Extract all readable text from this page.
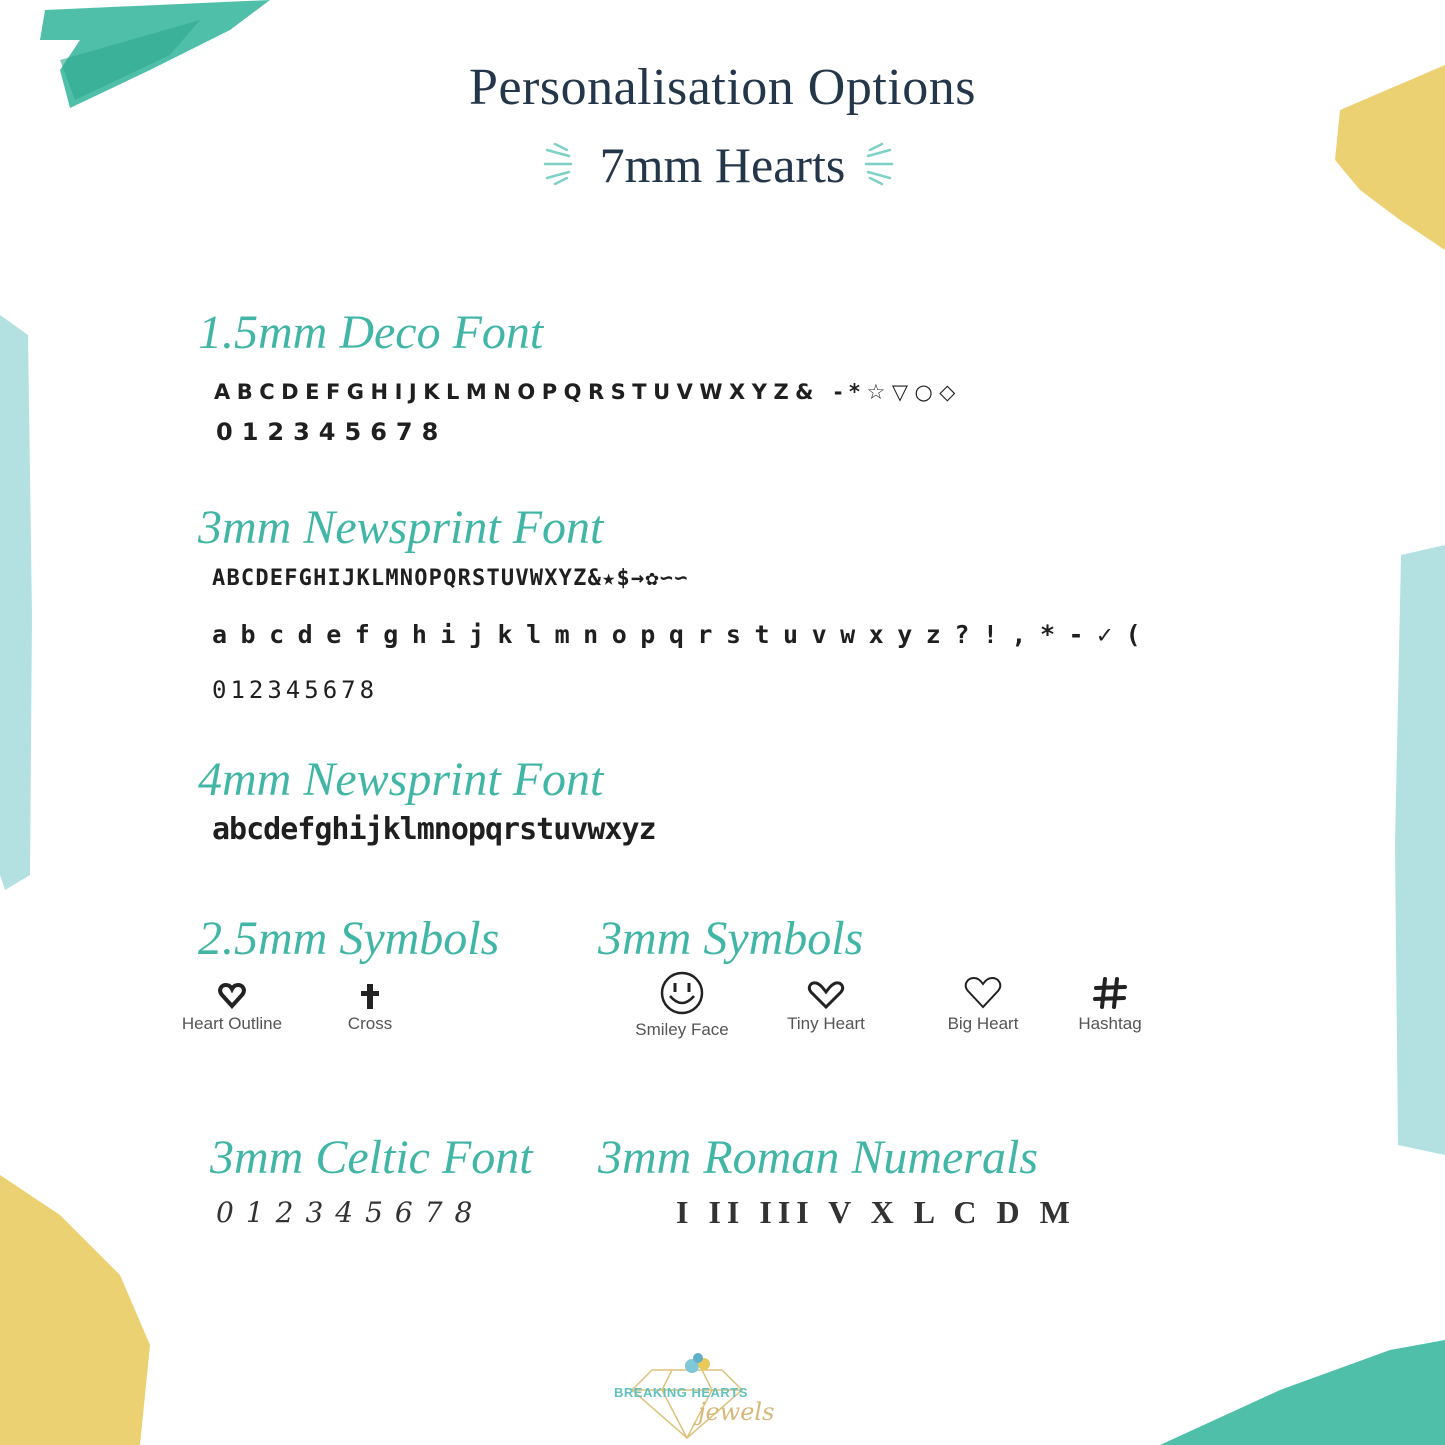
Personalisation Options
7mm Hearts
1.5mm Deco Font
ABCDEFGHIJKLMNOPQRSTUVWXYZ& -*☆▽○◇
012345678
3mm Newsprint Font
ABCDEFGHIJKLMNOPQRSTUVWXYZ&★$→✿∽∽
abcdefghijklmnopqrstuvwxyz?!,*-✓(
012345678
4mm Newsprint Font
abcdefghijklmnopqrstuvwxyz
2.5mm Symbols
Heart Outline	Cross
3mm Symbols
Smiley Face	Tiny Heart	Big Heart	Hashtag
3mm Celtic Font
012345678
3mm Roman Numerals
I II III V X L C D M
BREAKING HEARTS
jewels
